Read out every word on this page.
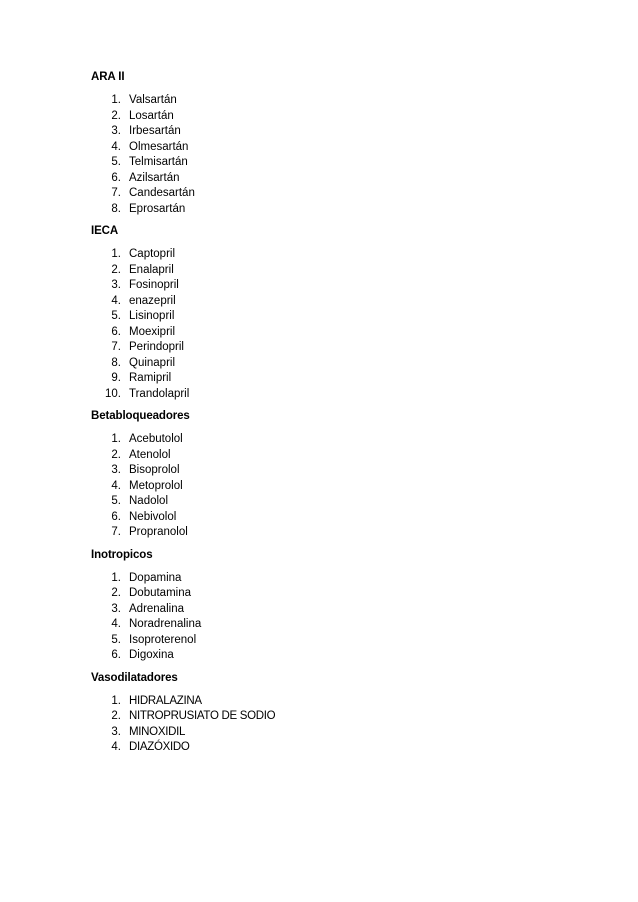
ARA II
1. Valsartán
2. Losartán
3. Irbesartán
4. Olmesartán
5. Telmisartán
6. Azilsartán
7. Candesartán
8. Eprosartán
IECA
1. Captopril
2. Enalapril
3. Fosinopril
4. enazepril
5. Lisinopril
6. Moexipril
7. Perindopril
8. Quinapril
9. Ramipril
10. Trandolapril
Betabloqueadores
1. Acebutolol
2. Atenolol
3. Bisoprolol
4. Metoprolol
5. Nadolol
6. Nebivolol
7. Propranolol
Inotropicos
1. Dopamina
2. Dobutamina
3. Adrenalina
4. Noradrenalina
5. Isoproterenol
6. Digoxina
Vasodilatadores
1. HIDRALAZINA
2. NITROPRUSIATO DE SODIO
3. MINOXIDIL
4. DIAZÓXIDO
